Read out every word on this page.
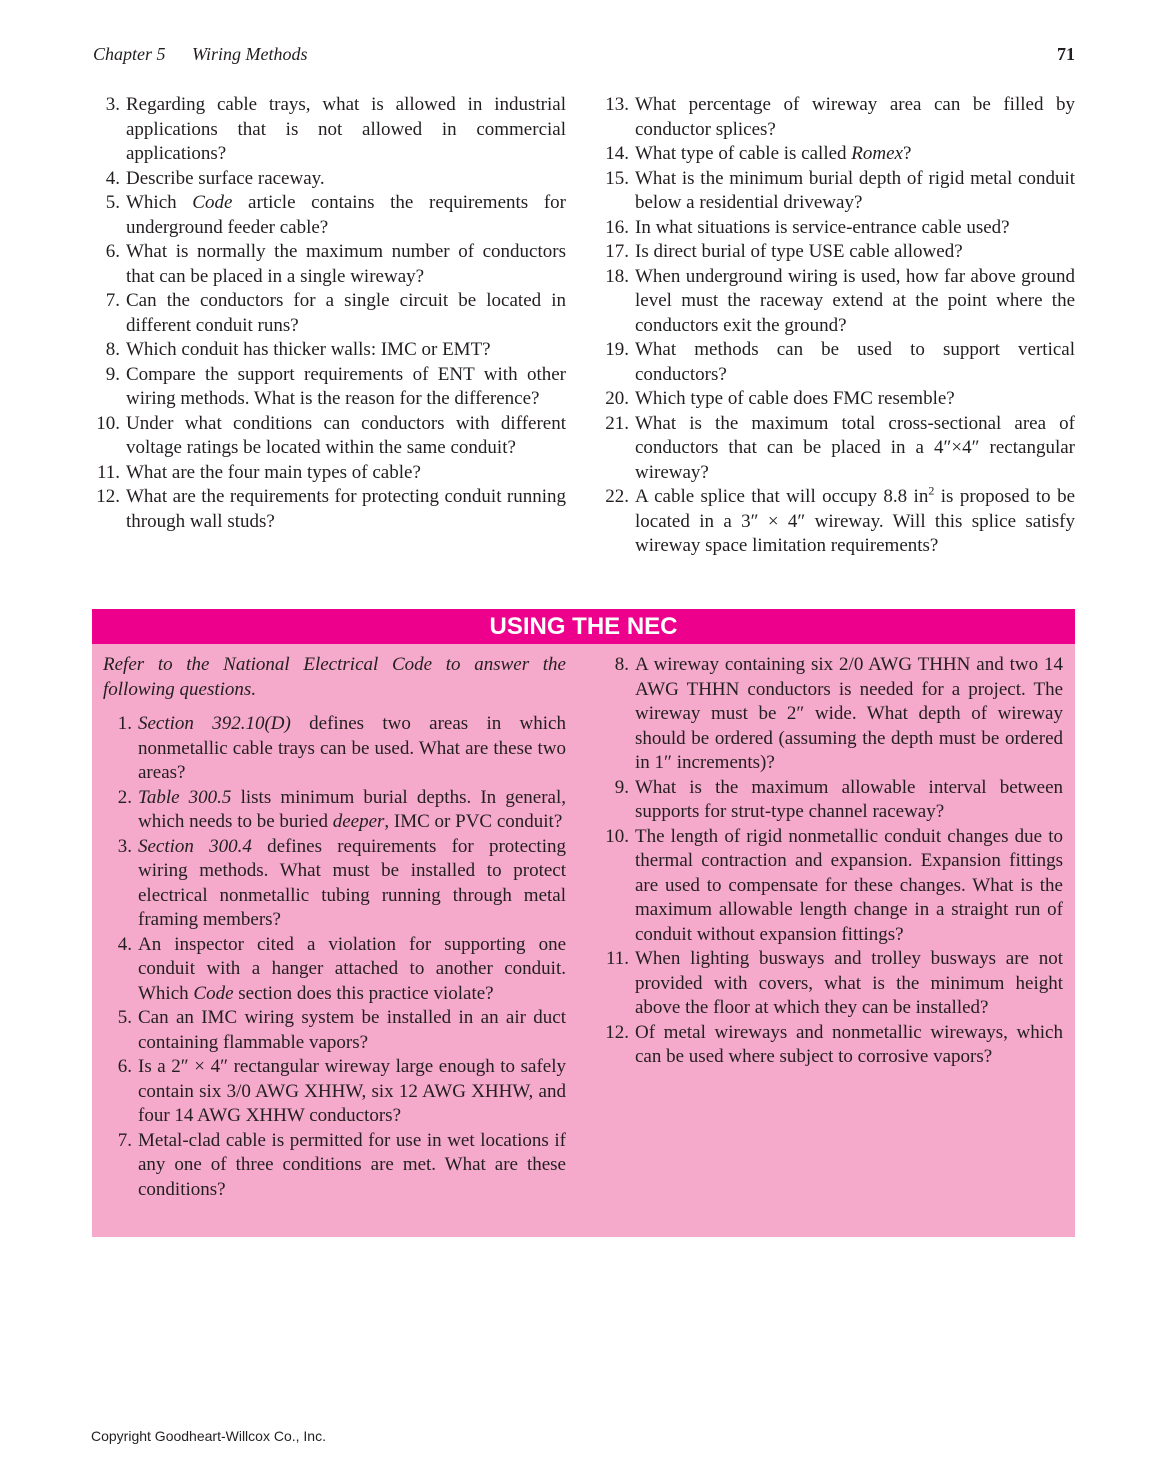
Chapter 5 Wiring Methods	71
3. Regarding cable trays, what is allowed in industrial applications that is not allowed in commercial applications?
4. Describe surface raceway.
5. Which Code article contains the requirements for underground feeder cable?
6. What is normally the maximum number of conductors that can be placed in a single wireway?
7. Can the conductors for a single circuit be located in different conduit runs?
8. Which conduit has thicker walls: IMC or EMT?
9. Compare the support requirements of ENT with other wiring methods. What is the reason for the difference?
10. Under what conditions can conductors with different voltage ratings be located within the same conduit?
11. What are the four main types of cable?
12. What are the requirements for protecting conduit running through wall studs?
13. What percentage of wireway area can be filled by conductor splices?
14. What type of cable is called Romex?
15. What is the minimum burial depth of rigid metal conduit below a residential driveway?
16. In what situations is service-entrance cable used?
17. Is direct burial of type USE cable allowed?
18. When underground wiring is used, how far above ground level must the raceway extend at the point where the conductors exit the ground?
19. What methods can be used to support vertical conductors?
20. Which type of cable does FMC resemble?
21. What is the maximum total cross-sectional area of conductors that can be placed in a 4″×4″ rectangular wireway?
22. A cable splice that will occupy 8.8 $in^2$ is proposed to be located in a 3″ × 4″ wireway. Will this splice satisfy wireway space limitation requirements?
USING THE NEC
Refer to the National Electrical Code to answer the following questions.
1. Section 392.10(D) defines two areas in which nonmetallic cable trays can be used. What are these two areas?
2. Table 300.5 lists minimum burial depths. In general, which needs to be buried deeper, IMC or PVC conduit?
3. Section 300.4 defines requirements for protecting wiring methods. What must be installed to protect electrical nonmetallic tubing running through metal framing members?
4. An inspector cited a violation for supporting one conduit with a hanger attached to another conduit. Which Code section does this practice violate?
5. Can an IMC wiring system be installed in an air duct containing flammable vapors?
6. Is a 2″ × 4″ rectangular wireway large enough to safely contain six 3/0 AWG XHHW, six 12 AWG XHHW, and four 14 AWG XHHW conductors?
7. Metal-clad cable is permitted for use in wet locations if any one of three conditions are met. What are these conditions?
8. A wireway containing six 2/0 AWG THHN and two 14 AWG THHN conductors is needed for a project. The wireway must be 2″ wide. What depth of wireway should be ordered (assuming the depth must be ordered in 1″ increments)?
9. What is the maximum allowable interval between supports for strut-type channel raceway?
10. The length of rigid nonmetallic conduit changes due to thermal contraction and expansion. Expansion fittings are used to compensate for these changes. What is the maximum allowable length change in a straight run of conduit without expansion fittings?
11. When lighting busways and trolley busways are not provided with covers, what is the minimum height above the floor at which they can be installed?
12. Of metal wireways and nonmetallic wireways, which can be used where subject to corrosive vapors?
Copyright Goodheart-Willcox Co., Inc.
